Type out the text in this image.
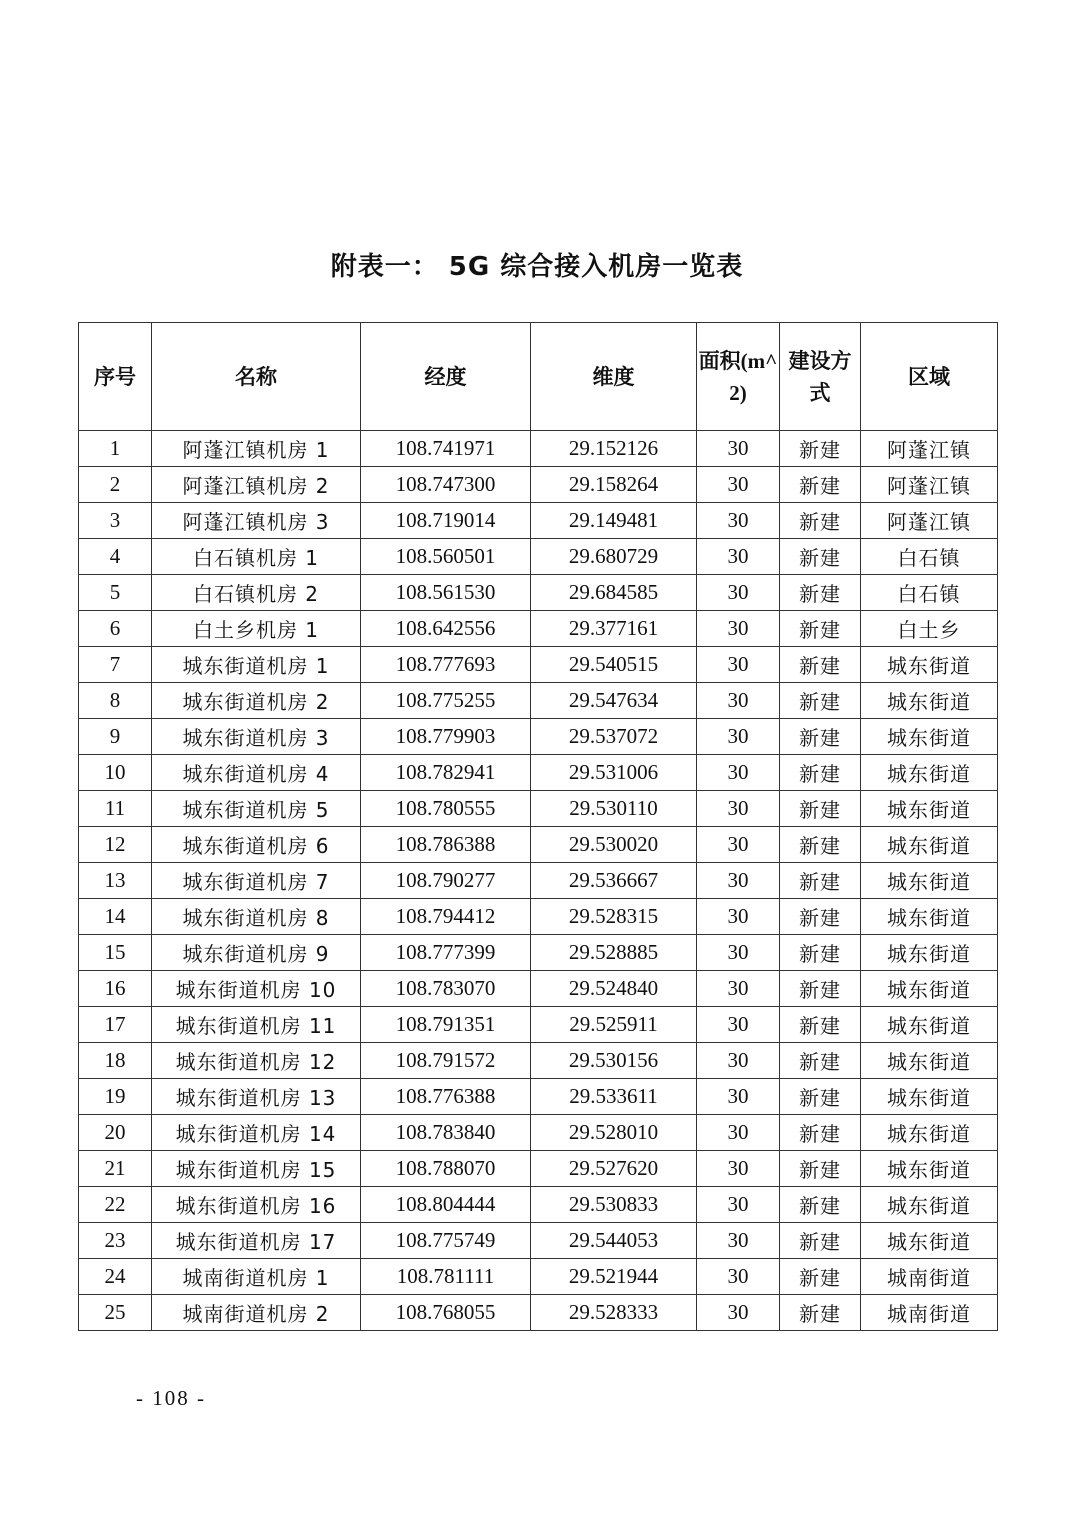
附表一： 5G 综合接入机房一览表
序号	名称	经度	维度	面积(m^2)	建设方式	区域
1	阿蓬江镇机房 1	108.741971	29.152126	30	新建	阿蓬江镇
2	阿蓬江镇机房 2	108.747300	29.158264	30	新建	阿蓬江镇
3	阿蓬江镇机房 3	108.719014	29.149481	30	新建	阿蓬江镇
4	白石镇机房 1	108.560501	29.680729	30	新建	白石镇
5	白石镇机房 2	108.561530	29.684585	30	新建	白石镇
6	白土乡机房 1	108.642556	29.377161	30	新建	白土乡
7	城东街道机房 1	108.777693	29.540515	30	新建	城东街道
8	城东街道机房 2	108.775255	29.547634	30	新建	城东街道
9	城东街道机房 3	108.779903	29.537072	30	新建	城东街道
10	城东街道机房 4	108.782941	29.531006	30	新建	城东街道
11	城东街道机房 5	108.780555	29.530110	30	新建	城东街道
12	城东街道机房 6	108.786388	29.530020	30	新建	城东街道
13	城东街道机房 7	108.790277	29.536667	30	新建	城东街道
14	城东街道机房 8	108.794412	29.528315	30	新建	城东街道
15	城东街道机房 9	108.777399	29.528885	30	新建	城东街道
16	城东街道机房 10	108.783070	29.524840	30	新建	城东街道
17	城东街道机房 11	108.791351	29.525911	30	新建	城东街道
18	城东街道机房 12	108.791572	29.530156	30	新建	城东街道
19	城东街道机房 13	108.776388	29.533611	30	新建	城东街道
20	城东街道机房 14	108.783840	29.528010	30	新建	城东街道
21	城东街道机房 15	108.788070	29.527620	30	新建	城东街道
22	城东街道机房 16	108.804444	29.530833	30	新建	城东街道
23	城东街道机房 17	108.775749	29.544053	30	新建	城东街道
24	城南街道机房 1	108.781111	29.521944	30	新建	城南街道
25	城南街道机房 2	108.768055	29.528333	30	新建	城南街道
- 108 -
